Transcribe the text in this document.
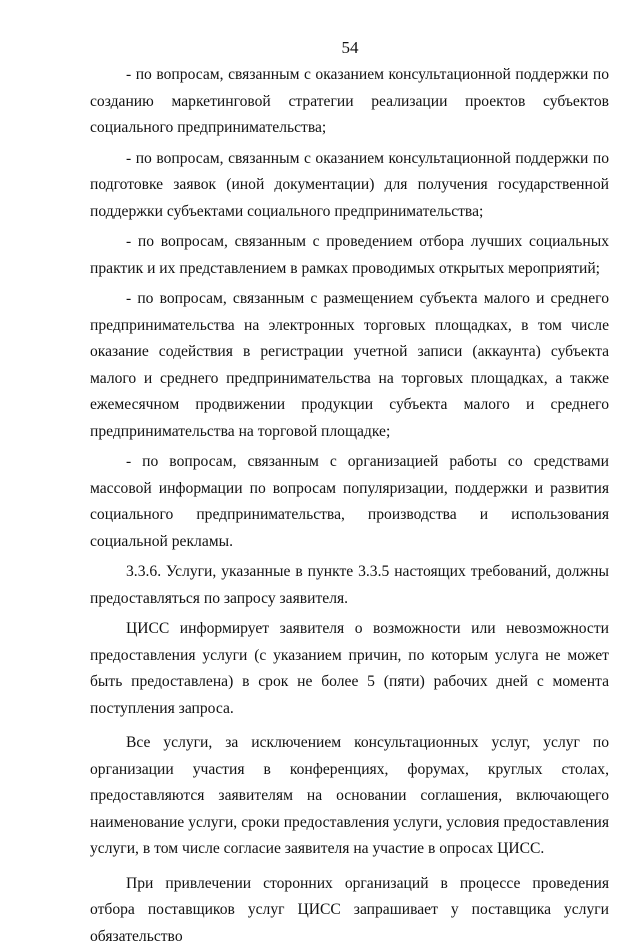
54

- по вопросам, связанным с оказанием консультационной поддержки по созданию маркетинговой стратегии реализации проектов субъектов социального предпринимательства;

- по вопросам, связанным с оказанием консультационной поддержки по подготовке заявок (иной документации) для получения государственной поддержки субъектами социального предпринимательства;

- по вопросам, связанным с проведением отбора лучших социальных практик и их представлением в рамках проводимых открытых мероприятий;

- по вопросам, связанным с размещением субъекта малого и среднего предпринимательства на электронных торговых площадках, в том числе оказание содействия в регистрации учетной записи (аккаунта) субъекта малого и среднего предпринимательства на торговых площадках, а также ежемесячном продвижении продукции субъекта малого и среднего предпринимательства на торговой площадке;

- по вопросам, связанным с организацией работы со средствами массовой информации по вопросам популяризации, поддержки и развития социального предпринимательства, производства и использования социальной рекламы.

3.3.6. Услуги, указанные в пункте 3.3.5 настоящих требований, должны предоставляться по запросу заявителя.

ЦИСС информирует заявителя о возможности или невозможности предоставления услуги (с указанием причин, по которым услуга не может быть предоставлена) в срок не более 5 (пяти) рабочих дней с момента поступления запроса.

Все услуги, за исключением консультационных услуг, услуг по организации участия в конференциях, форумах, круглых столах, предоставляются заявителям на основании соглашения, включающего наименование услуги, сроки предоставления услуги, условия предоставления услуги, в том числе согласие заявителя на участие в опросах ЦИСС.

При привлечении сторонних организаций в процессе проведения отбора поставщиков услуг ЦИСС запрашивает у поставщика услуги обязательство
